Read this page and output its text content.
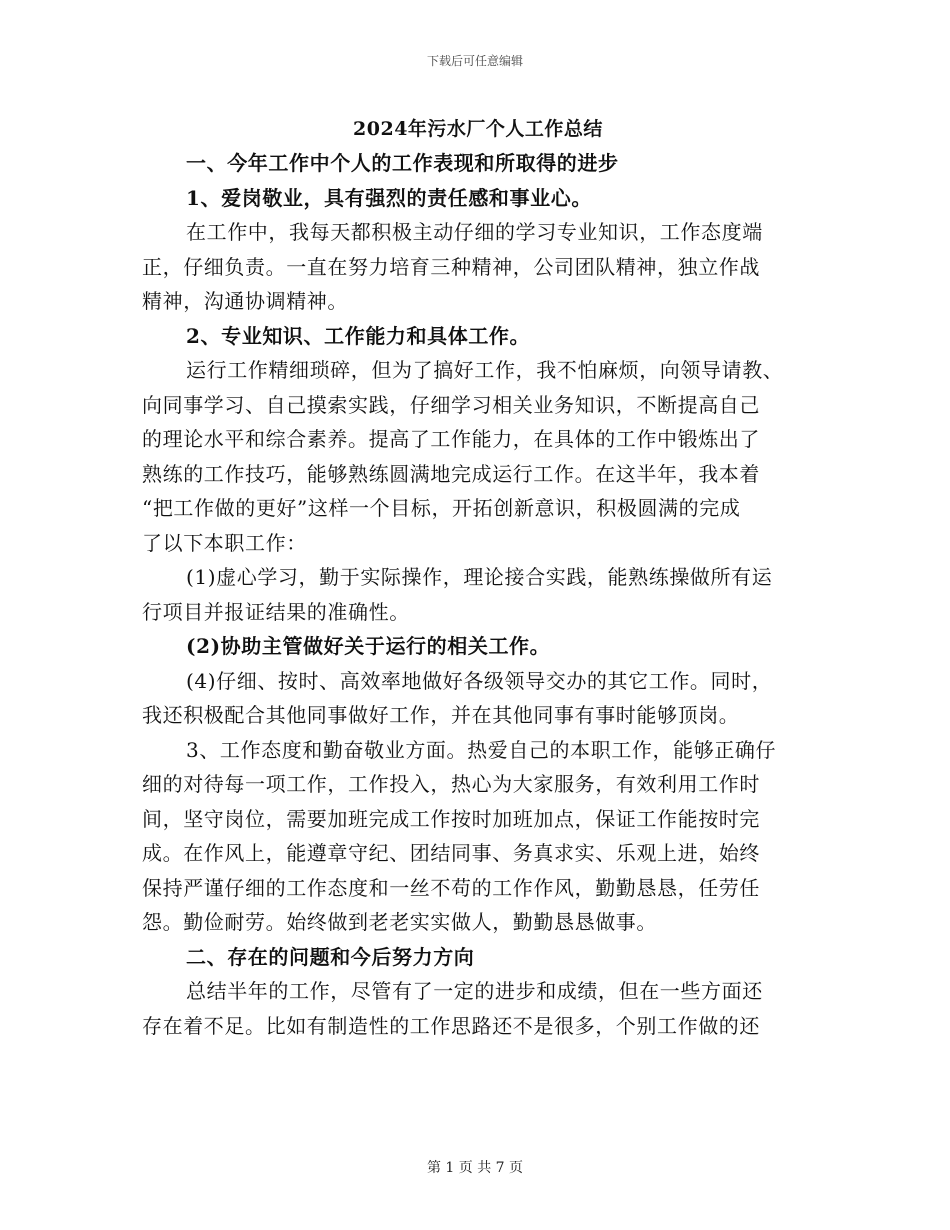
下载后可任意编辑

2024年污水厂个人工作总结

一、今年工作中个人的工作表现和所取得的进步

1、爱岗敬业，具有强烈的责任感和事业心。

在工作中，我每天都积极主动仔细的学习专业知识，工作态度端

正，仔细负责。一直在努力培育三种精神，公司团队精神，独立作战

精神，沟通协调精神。

2、专业知识、工作能力和具体工作。

运行工作精细琐碎，但为了搞好工作，我不怕麻烦，向领导请教、

向同事学习、自己摸索实践，仔细学习相关业务知识，不断提高自己

的理论水平和综合素养。提高了工作能力，在具体的工作中锻炼出了

熟练的工作技巧，能够熟练圆满地完成运行工作。在这半年，我本着

“把工作做的更好”这样一个目标，开拓创新意识，积极圆满的完成

了以下本职工作：

(1)虚心学习，勤于实际操作，理论接合实践，能熟练操做所有运

行项目并报证结果的准确性。

(2)协助主管做好关于运行的相关工作。

(4)仔细、按时、高效率地做好各级领导交办的其它工作。同时，

我还积极配合其他同事做好工作，并在其他同事有事时能够顶岗。

3、工作态度和勤奋敬业方面。热爱自己的本职工作，能够正确仔

细的对待每一项工作，工作投入，热心为大家服务，有效利用工作时

间，坚守岗位，需要加班完成工作按时加班加点，保证工作能按时完

成。在作风上，能遵章守纪、团结同事、务真求实、乐观上进，始终

保持严谨仔细的工作态度和一丝不苟的工作作风，勤勤恳恳，任劳任

怨。勤俭耐劳。始终做到老老实实做人，勤勤恳恳做事。

二、存在的问题和今后努力方向

总结半年的工作，尽管有了一定的进步和成绩，但在一些方面还

存在着不足。比如有制造性的工作思路还不是很多，个别工作做的还

第 1 页 共 7 页
